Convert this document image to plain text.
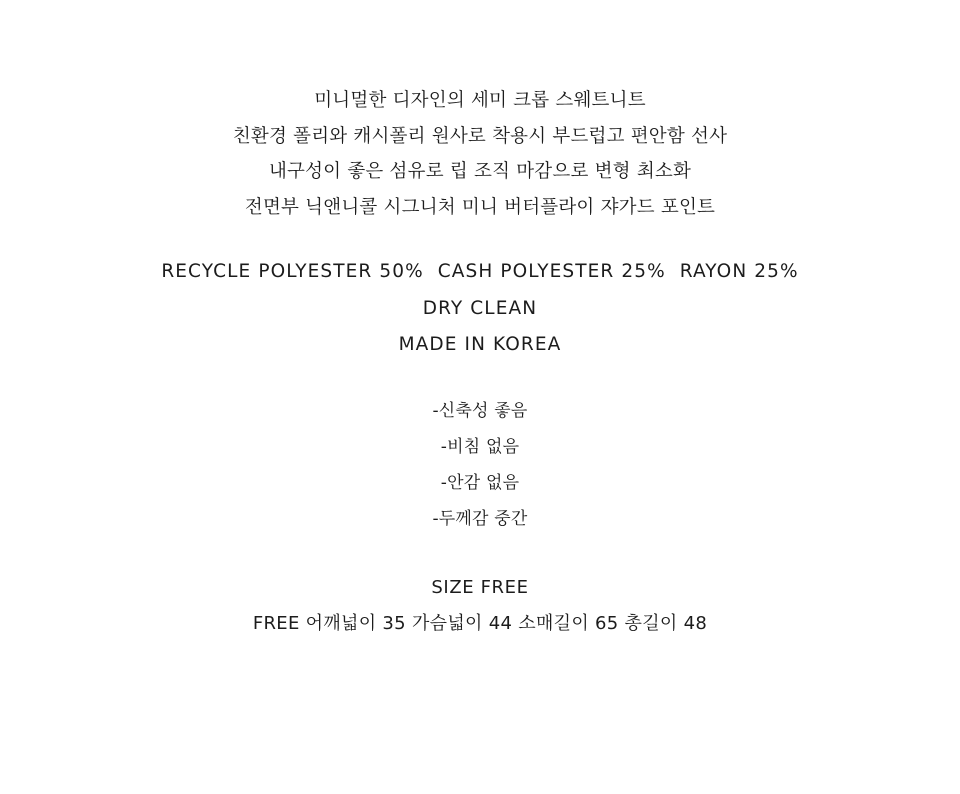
미니멀한 디자인의 세미 크롭 스웨트니트
친환경 폴리와 캐시폴리 원사로 착용시 부드럽고 편안함 선사
내구성이 좋은 섬유로 립 조직 마감으로 변형 최소화
전면부 닉앤니콜 시그니처 미니 버터플라이 쟈가드 포인트
RECYCLE POLYESTER 50%  CASH POLYESTER 25%  RAYON 25%
DRY CLEAN
MADE IN KOREA
-신축성 좋음
-비침 없음
-안감 없음
-두께감 중간
SIZE FREE
FREE 어깨넓이 35 가슴넓이 44 소매길이 65 총길이 48
